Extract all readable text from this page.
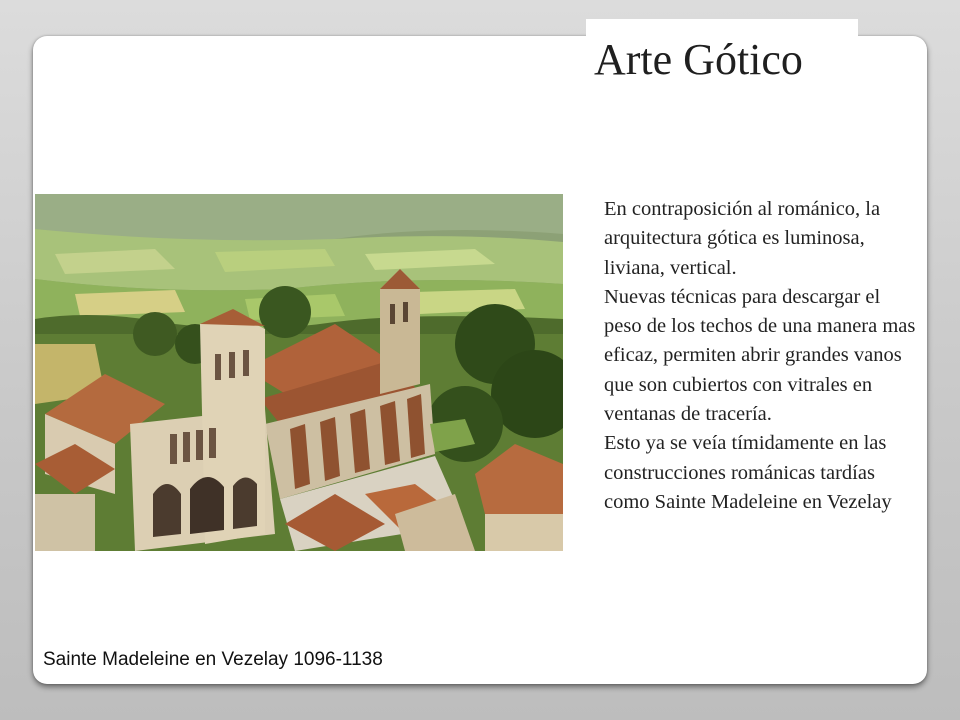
Arte Gótico

Sainte Madeleine en Vezelay 1096-1138

En contraposición al románico, la arquitectura gótica es luminosa, liviana, vertical.

Nuevas técnicas para descargar el peso de los techos de una manera mas eficaz, permiten abrir grandes vanos que son cubiertos con vitrales en ventanas de tracería.

Esto ya se veía tímidamente en las construcciones románicas tardías como Sainte Madeleine en Vezelay
